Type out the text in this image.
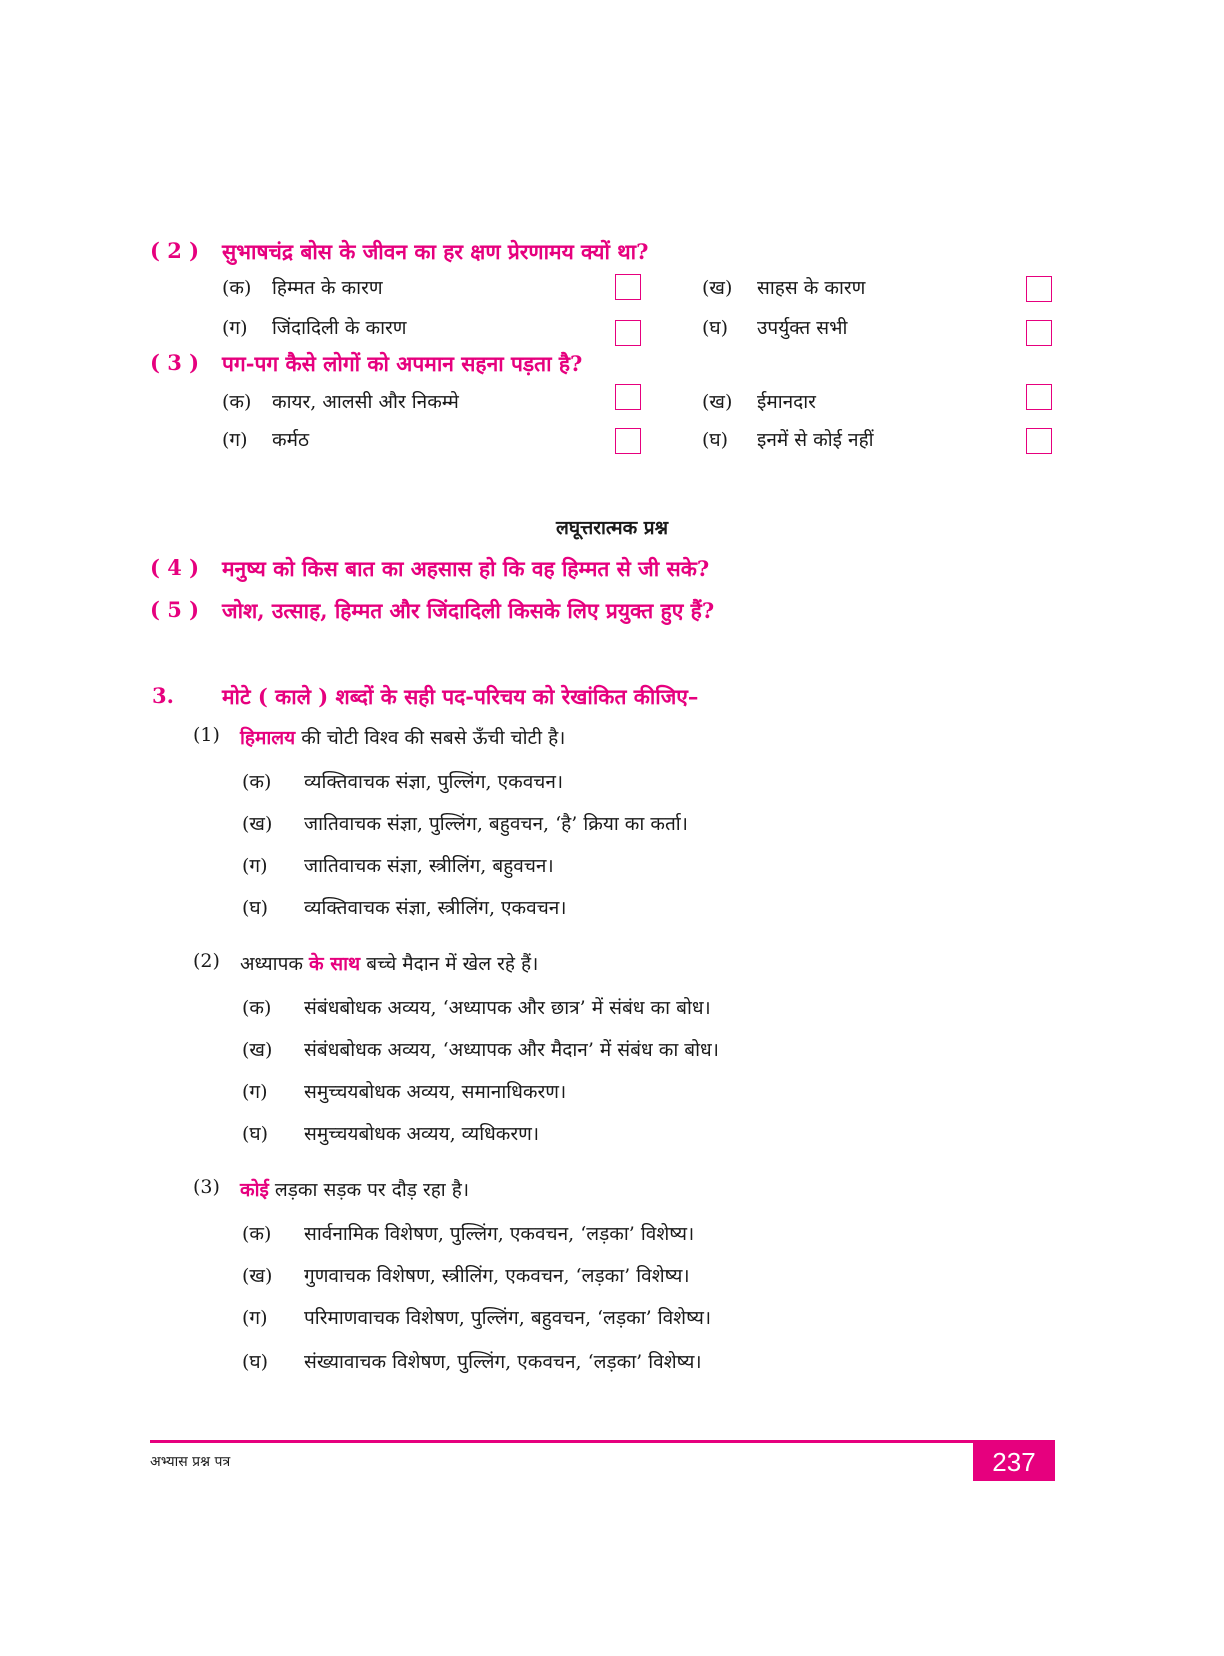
( 2 ) सुभाषचंद्र बोस के जीवन का हर क्षण प्रेरणामय क्यों था?
(क) हिम्मत के कारण	(ख) साहस के कारण
(ग) जिंदादिली के कारण	(घ) उपर्युक्त सभी
( 3 ) पग-पग कैसे लोगों को अपमान सहना पड़ता है?
(क) कायर, आलसी और निकम्मे	(ख) ईमानदार
(ग) कर्मठ	(घ) इनमें से कोई नहीं
लघूत्तरात्मक प्रश्न
( 4 ) मनुष्य को किस बात का अहसास हो कि वह हिम्मत से जी सके?
( 5 ) जोश, उत्साह, हिम्मत और जिंदादिली किसके लिए प्रयुक्त हुए हैं?
3. मोटे ( काले ) शब्दों के सही पद-परिचय को रेखांकित कीजिए–
(1) हिमालय की चोटी विश्व की सबसे ऊँची चोटी है।
(क) व्यक्तिवाचक संज्ञा, पुल्लिंग, एकवचन।
(ख) जातिवाचक संज्ञा, पुल्लिंग, बहुवचन, ‘है’ क्रिया का कर्ता।
(ग) जातिवाचक संज्ञा, स्त्रीलिंग, बहुवचन।
(घ) व्यक्तिवाचक संज्ञा, स्त्रीलिंग, एकवचन।
(2) अध्यापक के साथ बच्चे मैदान में खेल रहे हैं।
(क) संबंधबोधक अव्यय, ‘अध्यापक और छात्र’ में संबंध का बोध।
(ख) संबंधबोधक अव्यय, ‘अध्यापक और मैदान’ में संबंध का बोध।
(ग) समुच्चयबोधक अव्यय, समानाधिकरण।
(घ) समुच्चयबोधक अव्यय, व्यधिकरण।
(3) कोई लड़का सड़क पर दौड़ रहा है।
(क) सार्वनामिक विशेषण, पुल्लिंग, एकवचन, ‘लड़का’ विशेष्य।
(ख) गुणवाचक विशेषण, स्त्रीलिंग, एकवचन, ‘लड़का’ विशेष्य।
(ग) परिमाणवाचक विशेषण, पुल्लिंग, बहुवचन, ‘लड़का’ विशेष्य।
(घ) संख्यावाचक विशेषण, पुल्लिंग, एकवचन, ‘लड़का’ विशेष्य।
अभ्यास प्रश्न पत्र	237
